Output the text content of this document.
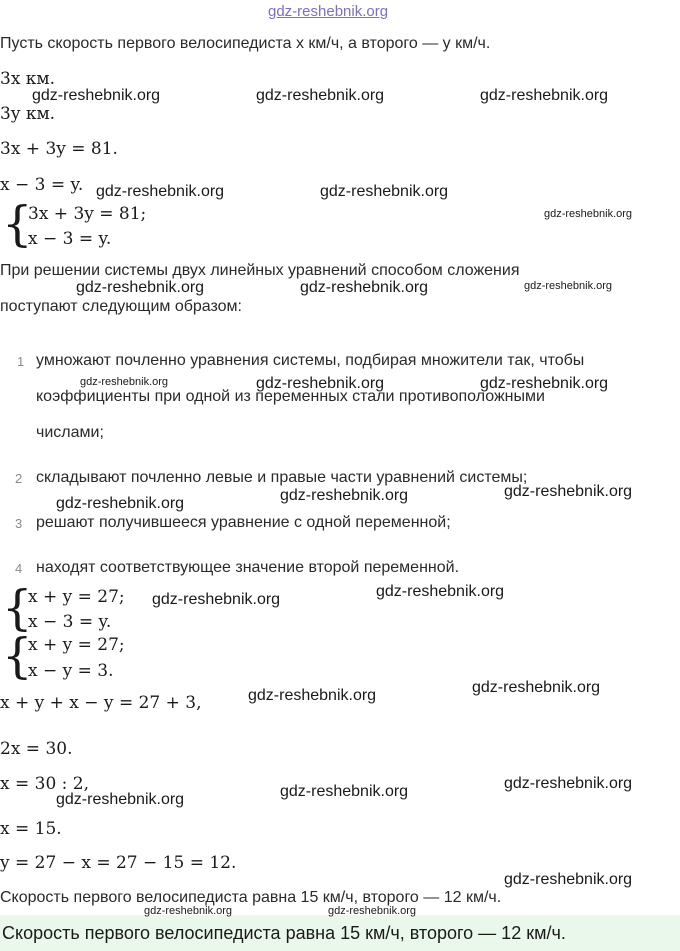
gdz-reshebnik.org
Пусть скорость первого велосипедиста x км/ч, а второго — y км/ч.
3x км.
3y км.
3x + 3y = 81.
x − 3 = y.
{
3x + 3y = 81;
x − 3 = y.
При решении системы двух линейных уравнений способом сложения
поступают следующим образом:
1 умножают почленно уравнения системы, подбирая множители так, чтобы
коэффициенты при одной из переменных стали противоположными
числами;
2 складывают почленно левые и правые части уравнений системы;
3 решают получившееся уравнение с одной переменной;
4 находят соответствующее значение второй переменной.
{
x + y = 27;
x − 3 = y.
{
x + y = 27;
x − y = 3.
x + y + x − y = 27 + 3,
2x = 30.
x = 30 : 2,
x = 15.
y = 27 − x = 27 − 15 = 12.
Скорость первого велосипедиста равна 15 км/ч, второго — 12 км/ч.
Скорость первого велосипедиста равна 15 км/ч, второго — 12 км/ч.
gdz-reshebnik.org	gdz-reshebnik.org	gdz-reshebnik.org
gdz-reshebnik.org	gdz-reshebnik.org
gdz-reshebnik.org	gdz-reshebnik.org
gdz-reshebnik.org	gdz-reshebnik.org
gdz-reshebnik.org	gdz-reshebnik.org	gdz-reshebnik.org
gdz-reshebnik.org	gdz-reshebnik.org
gdz-reshebnik.org	gdz-reshebnik.org
gdz-reshebnik.org	gdz-reshebnik.org	gdz-reshebnik.org
gdz-reshebnik.org
gdz-reshebnik.org
gdz-reshebnik.org
gdz-reshebnik.org
gdz-reshebnik.org	gdz-reshebnik.org
